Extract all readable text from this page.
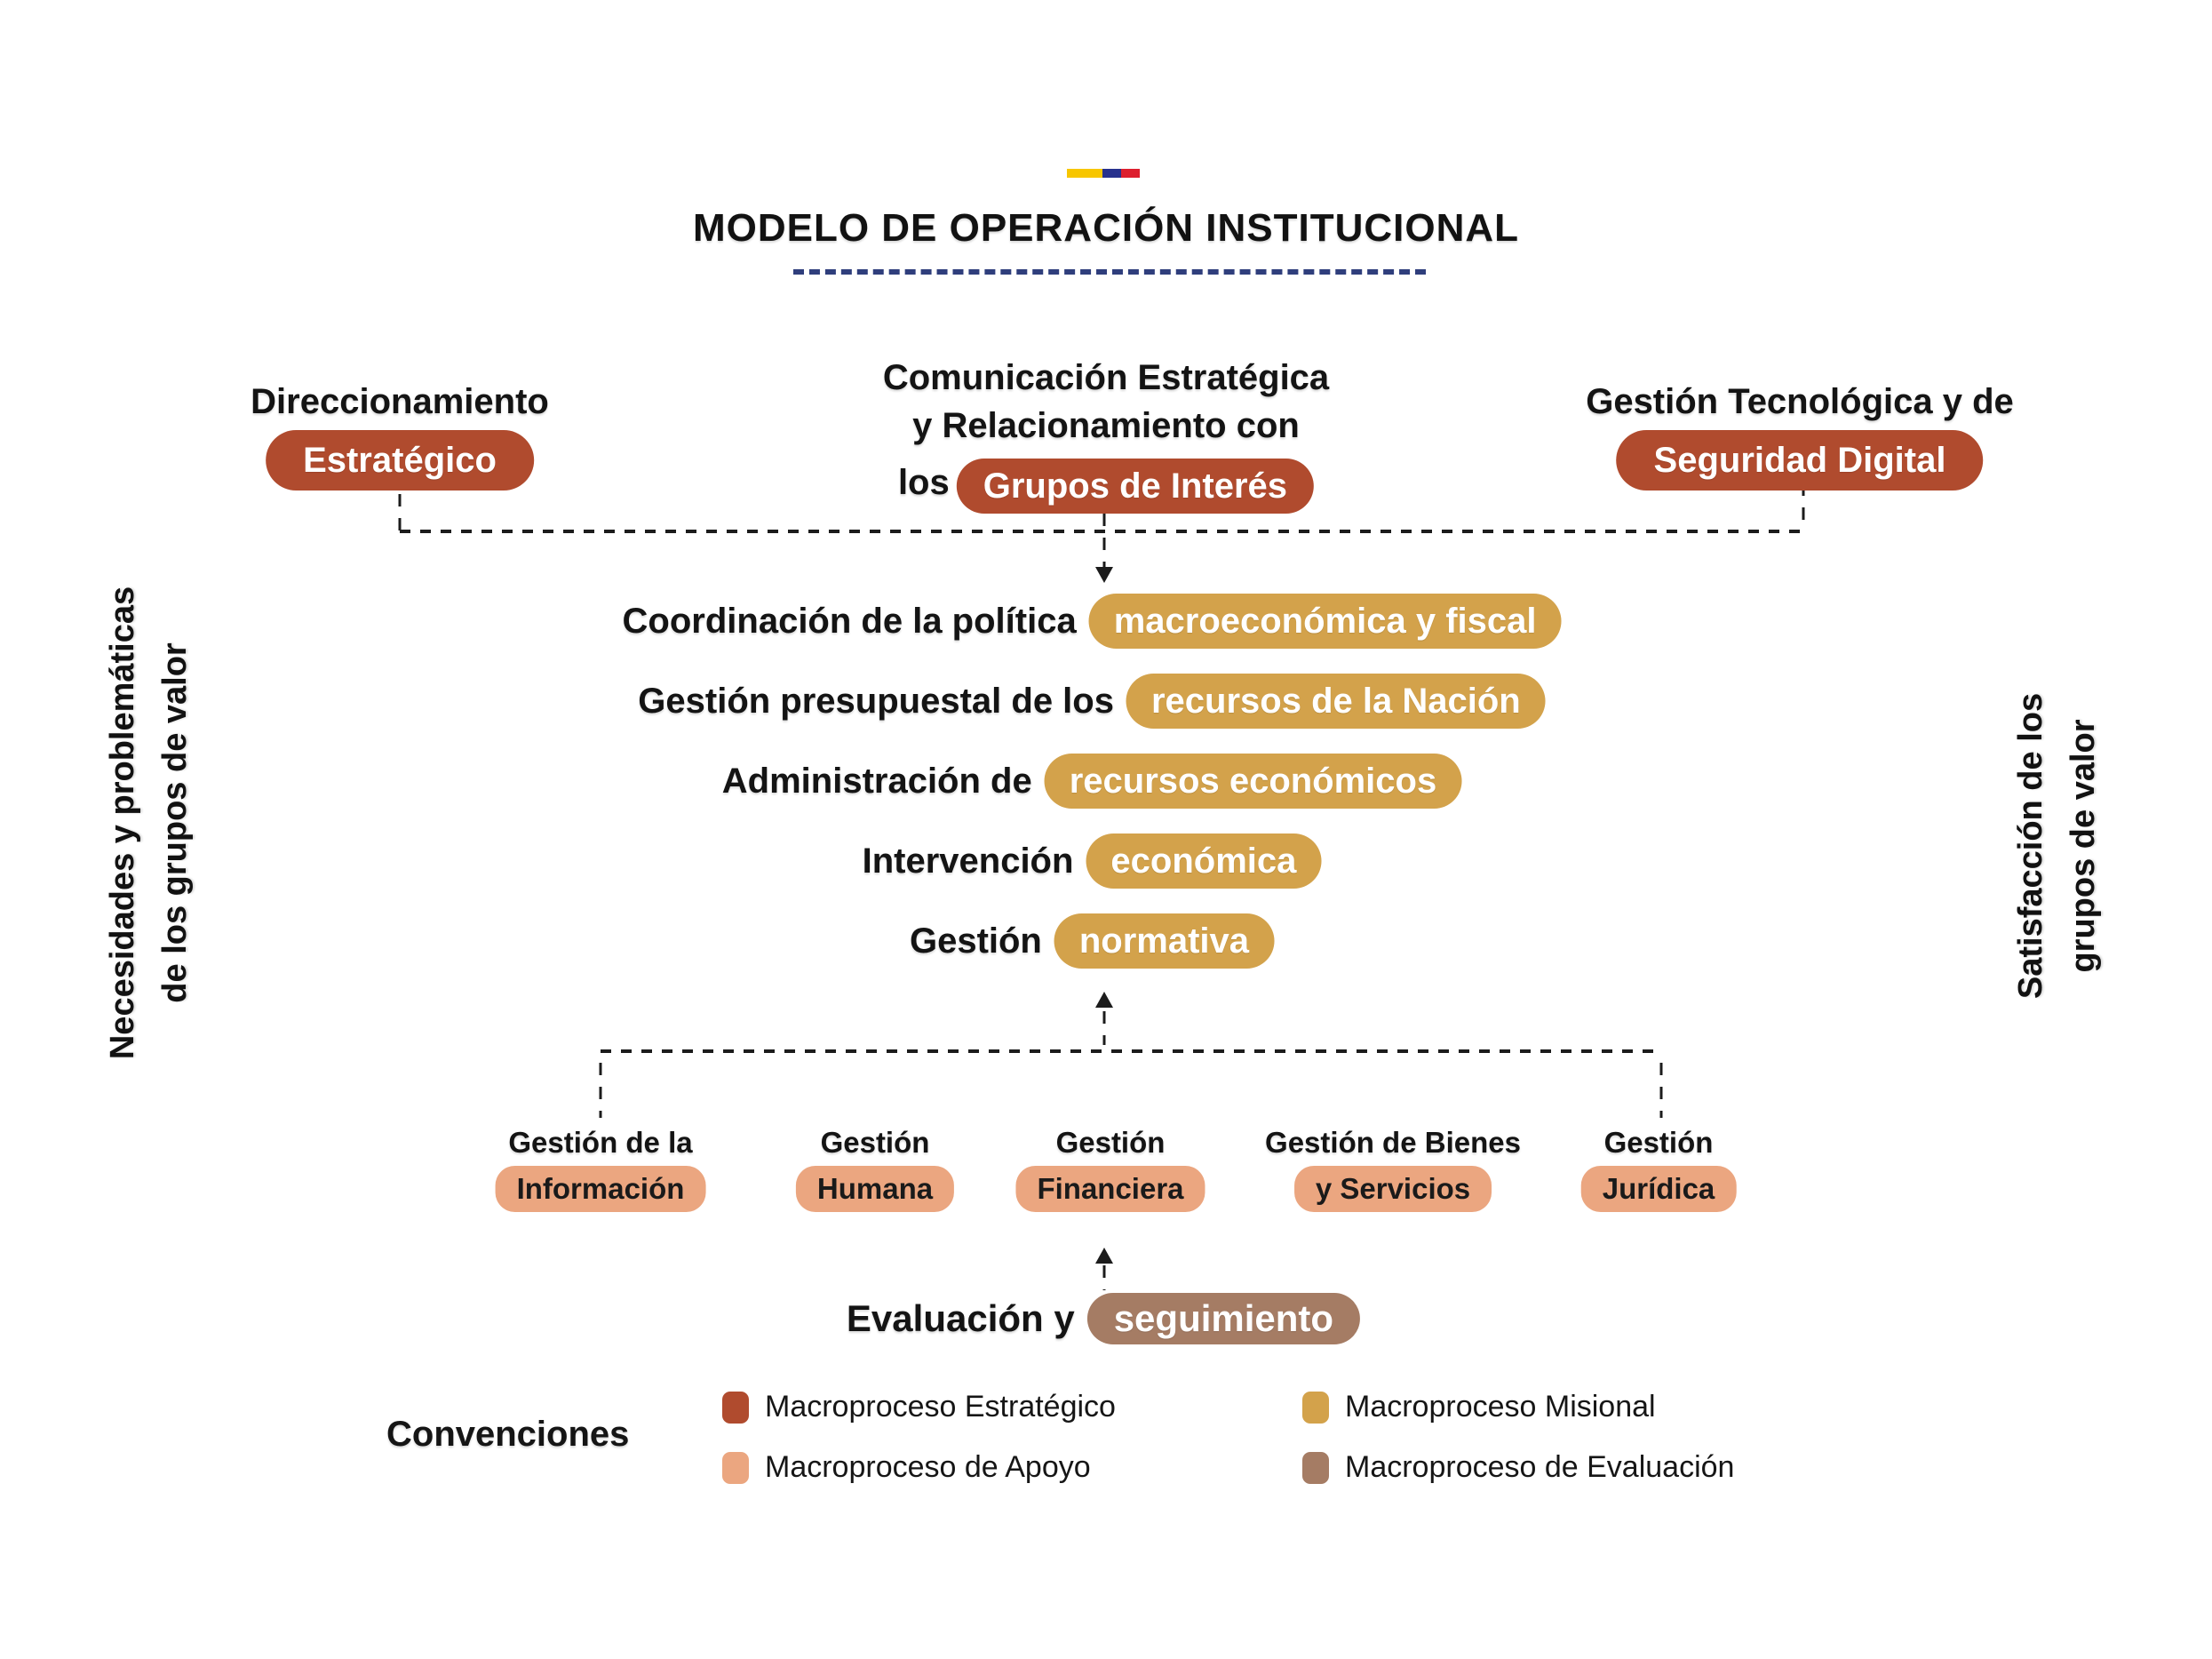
MODELO DE OPERACIÓN INSTITUCIONAL
Direccionamiento
Estratégico
Comunicación Estratégica
y Relacionamiento con
los Grupos de Interés
Gestión Tecnológica y de
Seguridad Digital
Coordinación de la política	macroeconómica y fiscal
Gestión presupuestal de los	recursos de la Nación
Administración de	recursos económicos
Intervención	económica
Gestión	normativa
Gestión de la
Información
Gestión
Humana
Gestión
Financiera
Gestión de Bienes
y Servicios
Gestión
Jurídica
Evaluación y	seguimiento
Convenciones
Macroproceso Estratégico	Macroproceso Misional
Macroproceso de Apoyo	Macroproceso de Evaluación
Necesidades y problemáticas de los grupos de valor	Satisfacción de los grupos de valor
